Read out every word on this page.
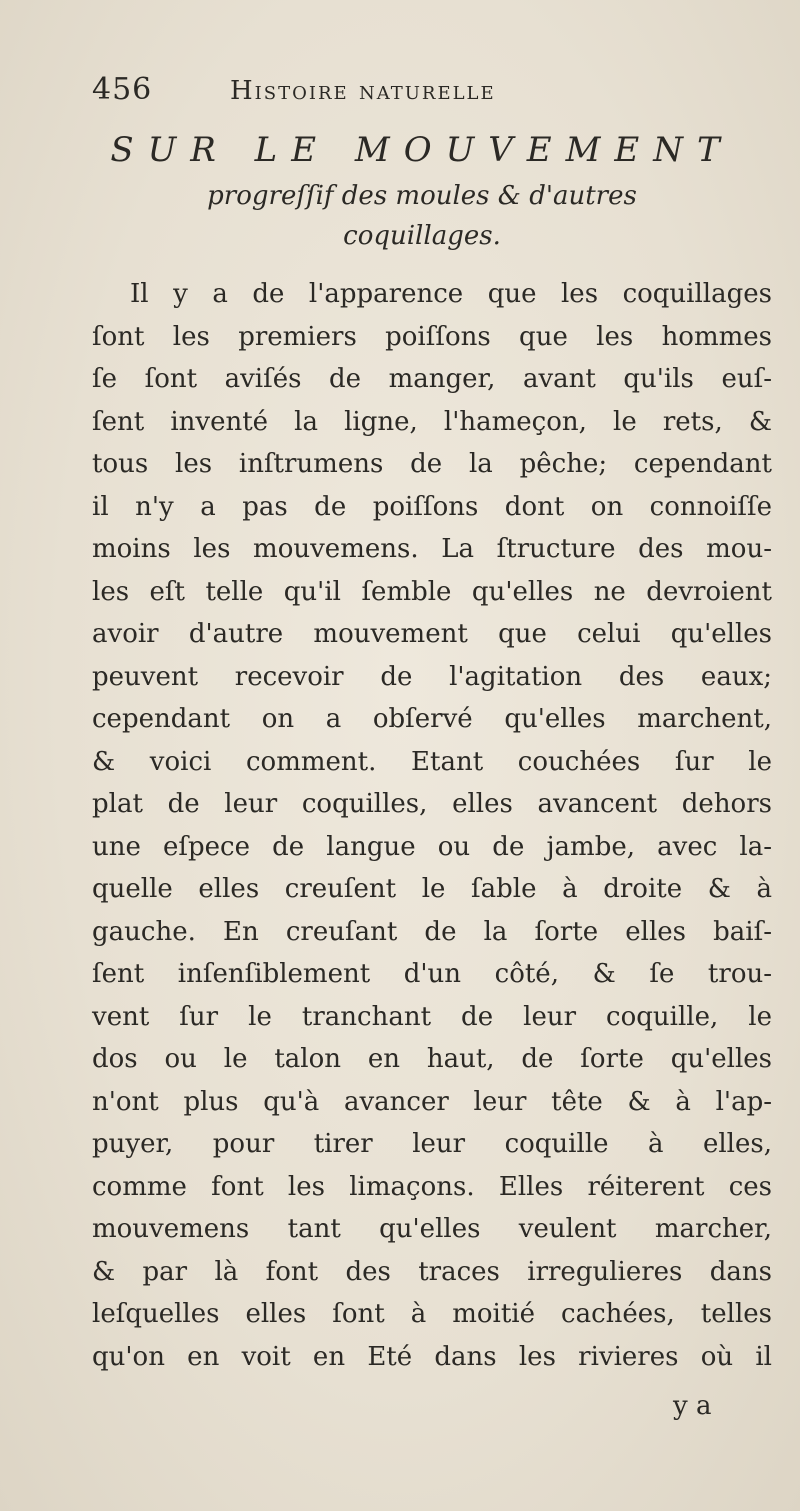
456	Histoire naturelle
SUR LE MOUVEMENT
progreſſif des moules & d'autres
coquillages.
Il y a de l'apparence que les coquillages
ſont les premiers poiſſons que les hommes
ſe ſont aviſés de manger, avant qu'ils euſ-
ſent inventé la ligne, l'hameçon, le rets, &
tous les inſtrumens de la pêche; cependant
il n'y a pas de poiſſons dont on connoiſſe
moins les mouvemens. La ſtructure des mou-
les eſt telle qu'il ſemble qu'elles ne devroient
avoir d'autre mouvement que celui qu'elles
peuvent recevoir de l'agitation des eaux;
cependant on a obſervé qu'elles marchent,
& voici comment. Etant couchées ſur le
plat de leur coquilles, elles avancent dehors
une eſpece de langue ou de jambe, avec la-
quelle elles creuſent le ſable à droite & à
gauche. En creuſant de la ſorte elles baiſ-
ſent inſenſiblement d'un côté, & ſe trou-
vent ſur le tranchant de leur coquille, le
dos ou le talon en haut, de ſorte qu'elles
n'ont plus qu'à avancer leur tête & à l'ap-
puyer, pour tirer leur coquille à elles,
comme font les limaçons. Elles réiterent ces
mouvemens tant qu'elles veulent marcher,
& par là font des traces irregulieres dans
leſquelles elles ſont à moitié cachées, telles
qu'on en voit en Eté dans les rivieres où il
y a
